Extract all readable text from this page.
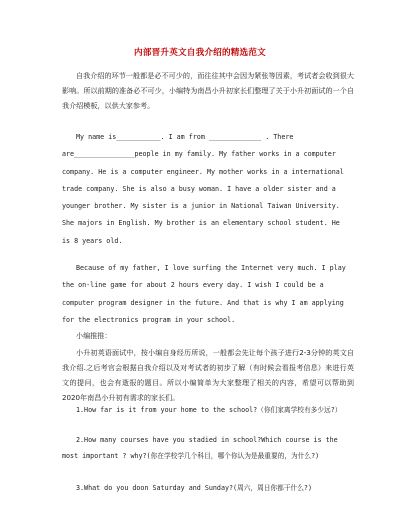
内部晋升英文自我介绍的精选范文

自我介绍的环节一般都是必不可少的，而往往其中会因为紧张等因素，考试者会收到很大影响。所以前期的准备必不可少，小编特为南昌小升初家长们整理了关于小升初面试的一个自我介绍模板，以供大家参考。

My name is___________. I am from _____________ . There
are_______________people in my family. My father works in a computer
company. He is a computer engineer. My mother works in a international
trade company. She is also a busy woman. I have a older sister and a
younger brother. My sister is a junior in National Taiwan University.
She majors in English. My brother is an elementary school student. He
is 8 years old.
Because of my father, I love surfing the Internet very much. I play
the on-line game for about 2 hours every day. I wish I could be a
computer program designer in the future. And that is why I am applying
for the electronics program in your school.
小编推推：

小升初英语面试中，按小编自身经历所说，一般都会先让每个孩子进行2-3分钟的英文自我介绍.之后考官会根据自我介绍以及对考试者的初步了解（有时候会看报考信息）来进行英文的提问，也会有逝报的题目。所以小编简单为大家整理了相关的内容，希望可以帮助到2020年南昌小升初有需求的家长们。

1.How far is it from your home to the school?（你们家离学校有多少远?）

2.How many courses have you stadied in school?Which course is the most important ? why?(你在学校学几个科目，哪个你认为是最重要的，为什么?)

3.What do you doon Saturday and Sunday?(周六，周日你都干什么?)
